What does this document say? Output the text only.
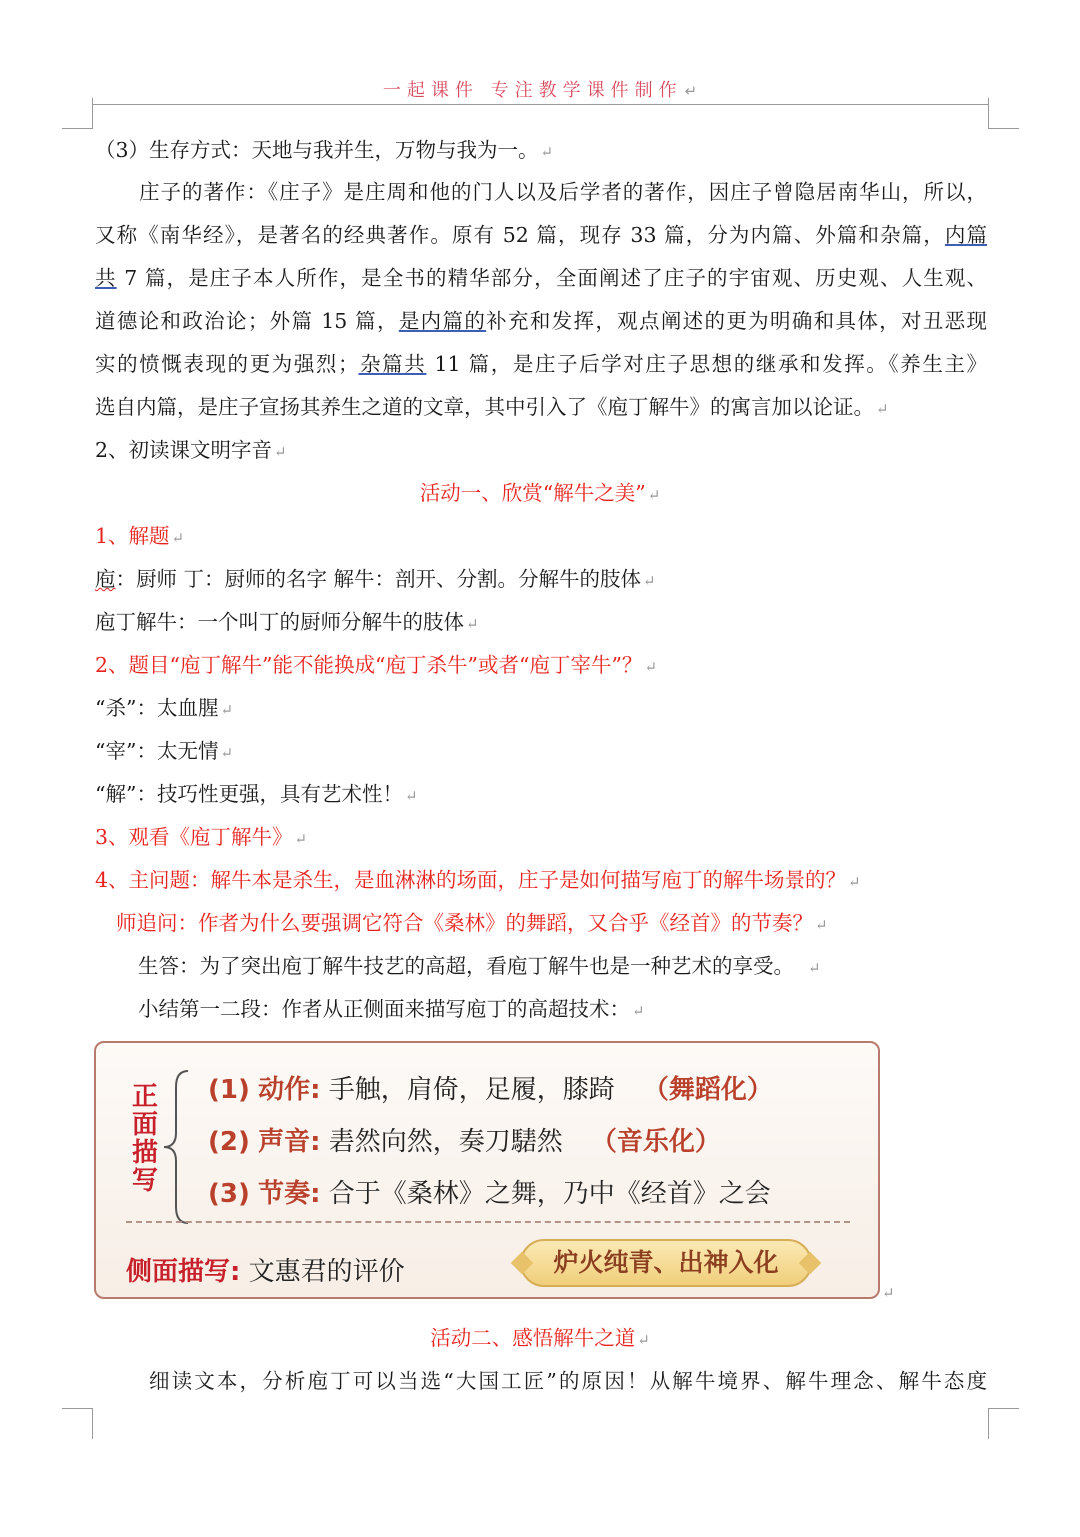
一起课件 专注教学课件制作 ↵
（3）生存方式：天地与我并生，万物与我为一。 ↵
庄子的著作：《庄子》是庄周和他的门人以及后学者的著作，因庄子曾隐居南华山，所以，
又称《南华经》，是著名的经典著作。原有 52 篇，现存 33 篇，分为内篇、外篇和杂篇，内篇
共 7 篇，是庄子本人所作，是全书的精华部分，全面阐述了庄子的宇宙观、历史观、人生观、
道德论和政治论；外篇 15 篇，是内篇的补充和发挥，观点阐述的更为明确和具体，对丑恶现
实的愤慨表现的更为强烈；杂篇共 11 篇，是庄子后学对庄子思想的继承和发挥。《养生主》
选自内篇，是庄子宣扬其养生之道的文章，其中引入了《庖丁解牛》的寓言加以论证。 ↵
2、初读课文明字音 ↵
活动一、欣赏“解牛之美” ↵
1、解题 ↵
庖：厨师 丁：厨师的名字 解牛：剖开、分割。分解牛的肢体 ↵
庖丁解牛：一个叫丁的厨师分解牛的肢体 ↵
2、题目“庖丁解牛”能不能换成“庖丁杀牛”或者“庖丁宰牛”？ ↵
“杀”：太血腥 ↵
“宰”：太无情 ↵
“解”：技巧性更强，具有艺术性！ ↵
3、观看《庖丁解牛》 ↵
4、主问题：解牛本是杀生，是血淋淋的场面，庄子是如何描写庖丁的解牛场景的？ ↵
师追问：作者为什么要强调它符合《桑林》的舞蹈，又合乎《经首》的节奏？ ↵
生答：为了突出庖丁解牛技艺的高超，看庖丁解牛也是一种艺术的享受。 ↵
小结第一二段：作者从正侧面来描写庖丁的高超技术： ↵
正面描写
(1) 动作: 手触，肩倚，足履，膝踦 （舞蹈化）
(2) 声音: 砉然向然，奏刀騞然 （音乐化）
(3) 节奏: 合于《桑林》之舞，乃中《经首》之会
侧面描写: 文惠君的评价	炉火纯青、出神入化
↵
活动二、感悟解牛之道 ↵
细读文本，分析庖丁可以当选“大国工匠”的原因！从解牛境界、解牛理念、解牛态度
